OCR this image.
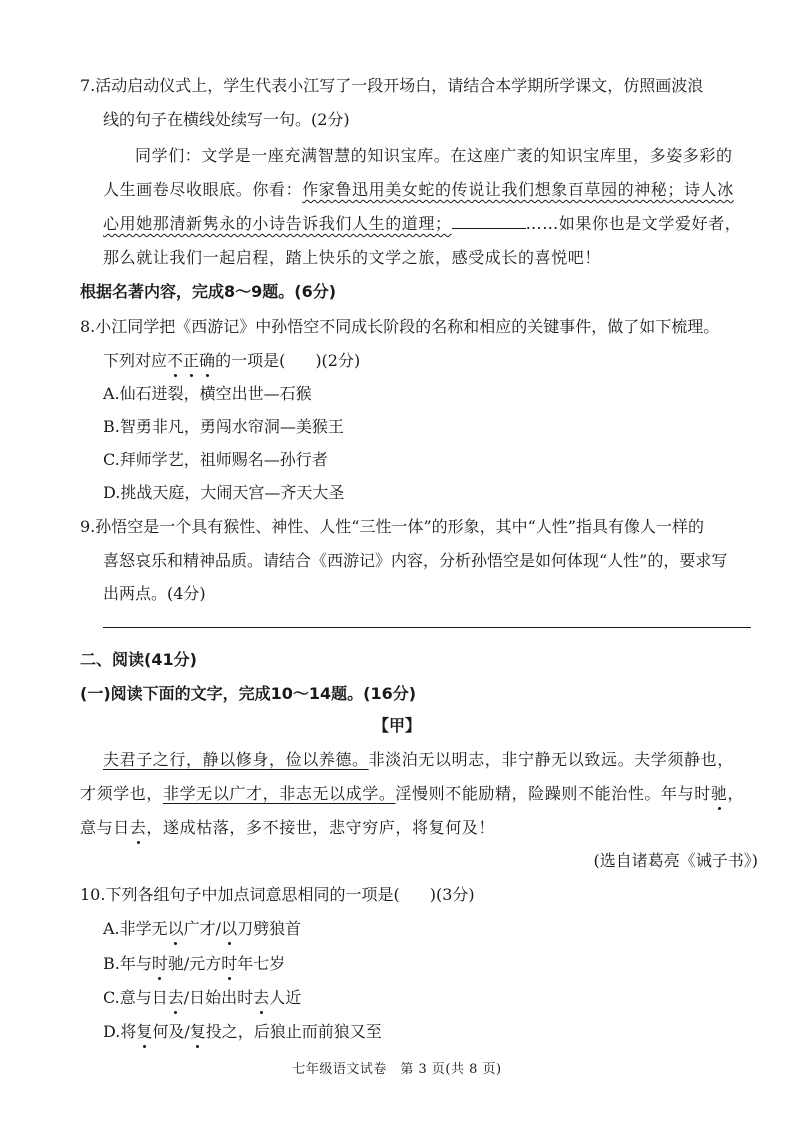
7.活动启动仪式上，学生代表小江写了一段开场白，请结合本学期所学课文，仿照画波浪
线的句子在横线处续写一句。(2分)
同学们：文学是一座充满智慧的知识宝库。在这座广袤的知识宝库里，多姿多彩的
人生画卷尽收眼底。你看：作家鲁迅用美女蛇的传说让我们想象百草园的神秘；诗人冰
心用她那清新隽永的小诗告诉我们人生的道理；	……如果你也是文学爱好者，
那么就让我们一起启程，踏上快乐的文学之旅，感受成长的喜悦吧！
根据名著内容，完成8～9题。(6分)
8.小江同学把《西游记》中孙悟空不同成长阶段的名称和相应的关键事件，做了如下梳理。
下列对应不正确的一项是( )(2分)
A.仙石迸裂，横空出世—石猴
B.智勇非凡，勇闯水帘洞—美猴王
C.拜师学艺，祖师赐名—孙行者
D.挑战天庭，大闹天宫—齐天大圣
9.孙悟空是一个具有猴性、神性、人性“三性一体”的形象，其中“人性”指具有像人一样的
喜怒哀乐和精神品质。请结合《西游记》内容，分析孙悟空是如何体现“人性”的，要求写
出两点。(4分)
二、阅读(41分)
(一)阅读下面的文字，完成10～14题。(16分)
【甲】
夫君子之行，静以修身，俭以养德。非淡泊无以明志，非宁静无以致远。夫学须静也，
才须学也，非学无以广才，非志无以成学。淫慢则不能励精，险躁则不能治性。年与时驰，
意与日去，遂成枯落，多不接世，悲守穷庐，将复何及！
(选自诸葛亮《诫子书》)
10.下列各组句子中加点词意思相同的一项是( )(3分)
A.非学无以广才/以刀劈狼首
B.年与时驰/元方时年七岁
C.意与日去/日始出时去人近
D.将复何及/复投之，后狼止而前狼又至
七年级语文试卷　第 3 页(共 8 页)
